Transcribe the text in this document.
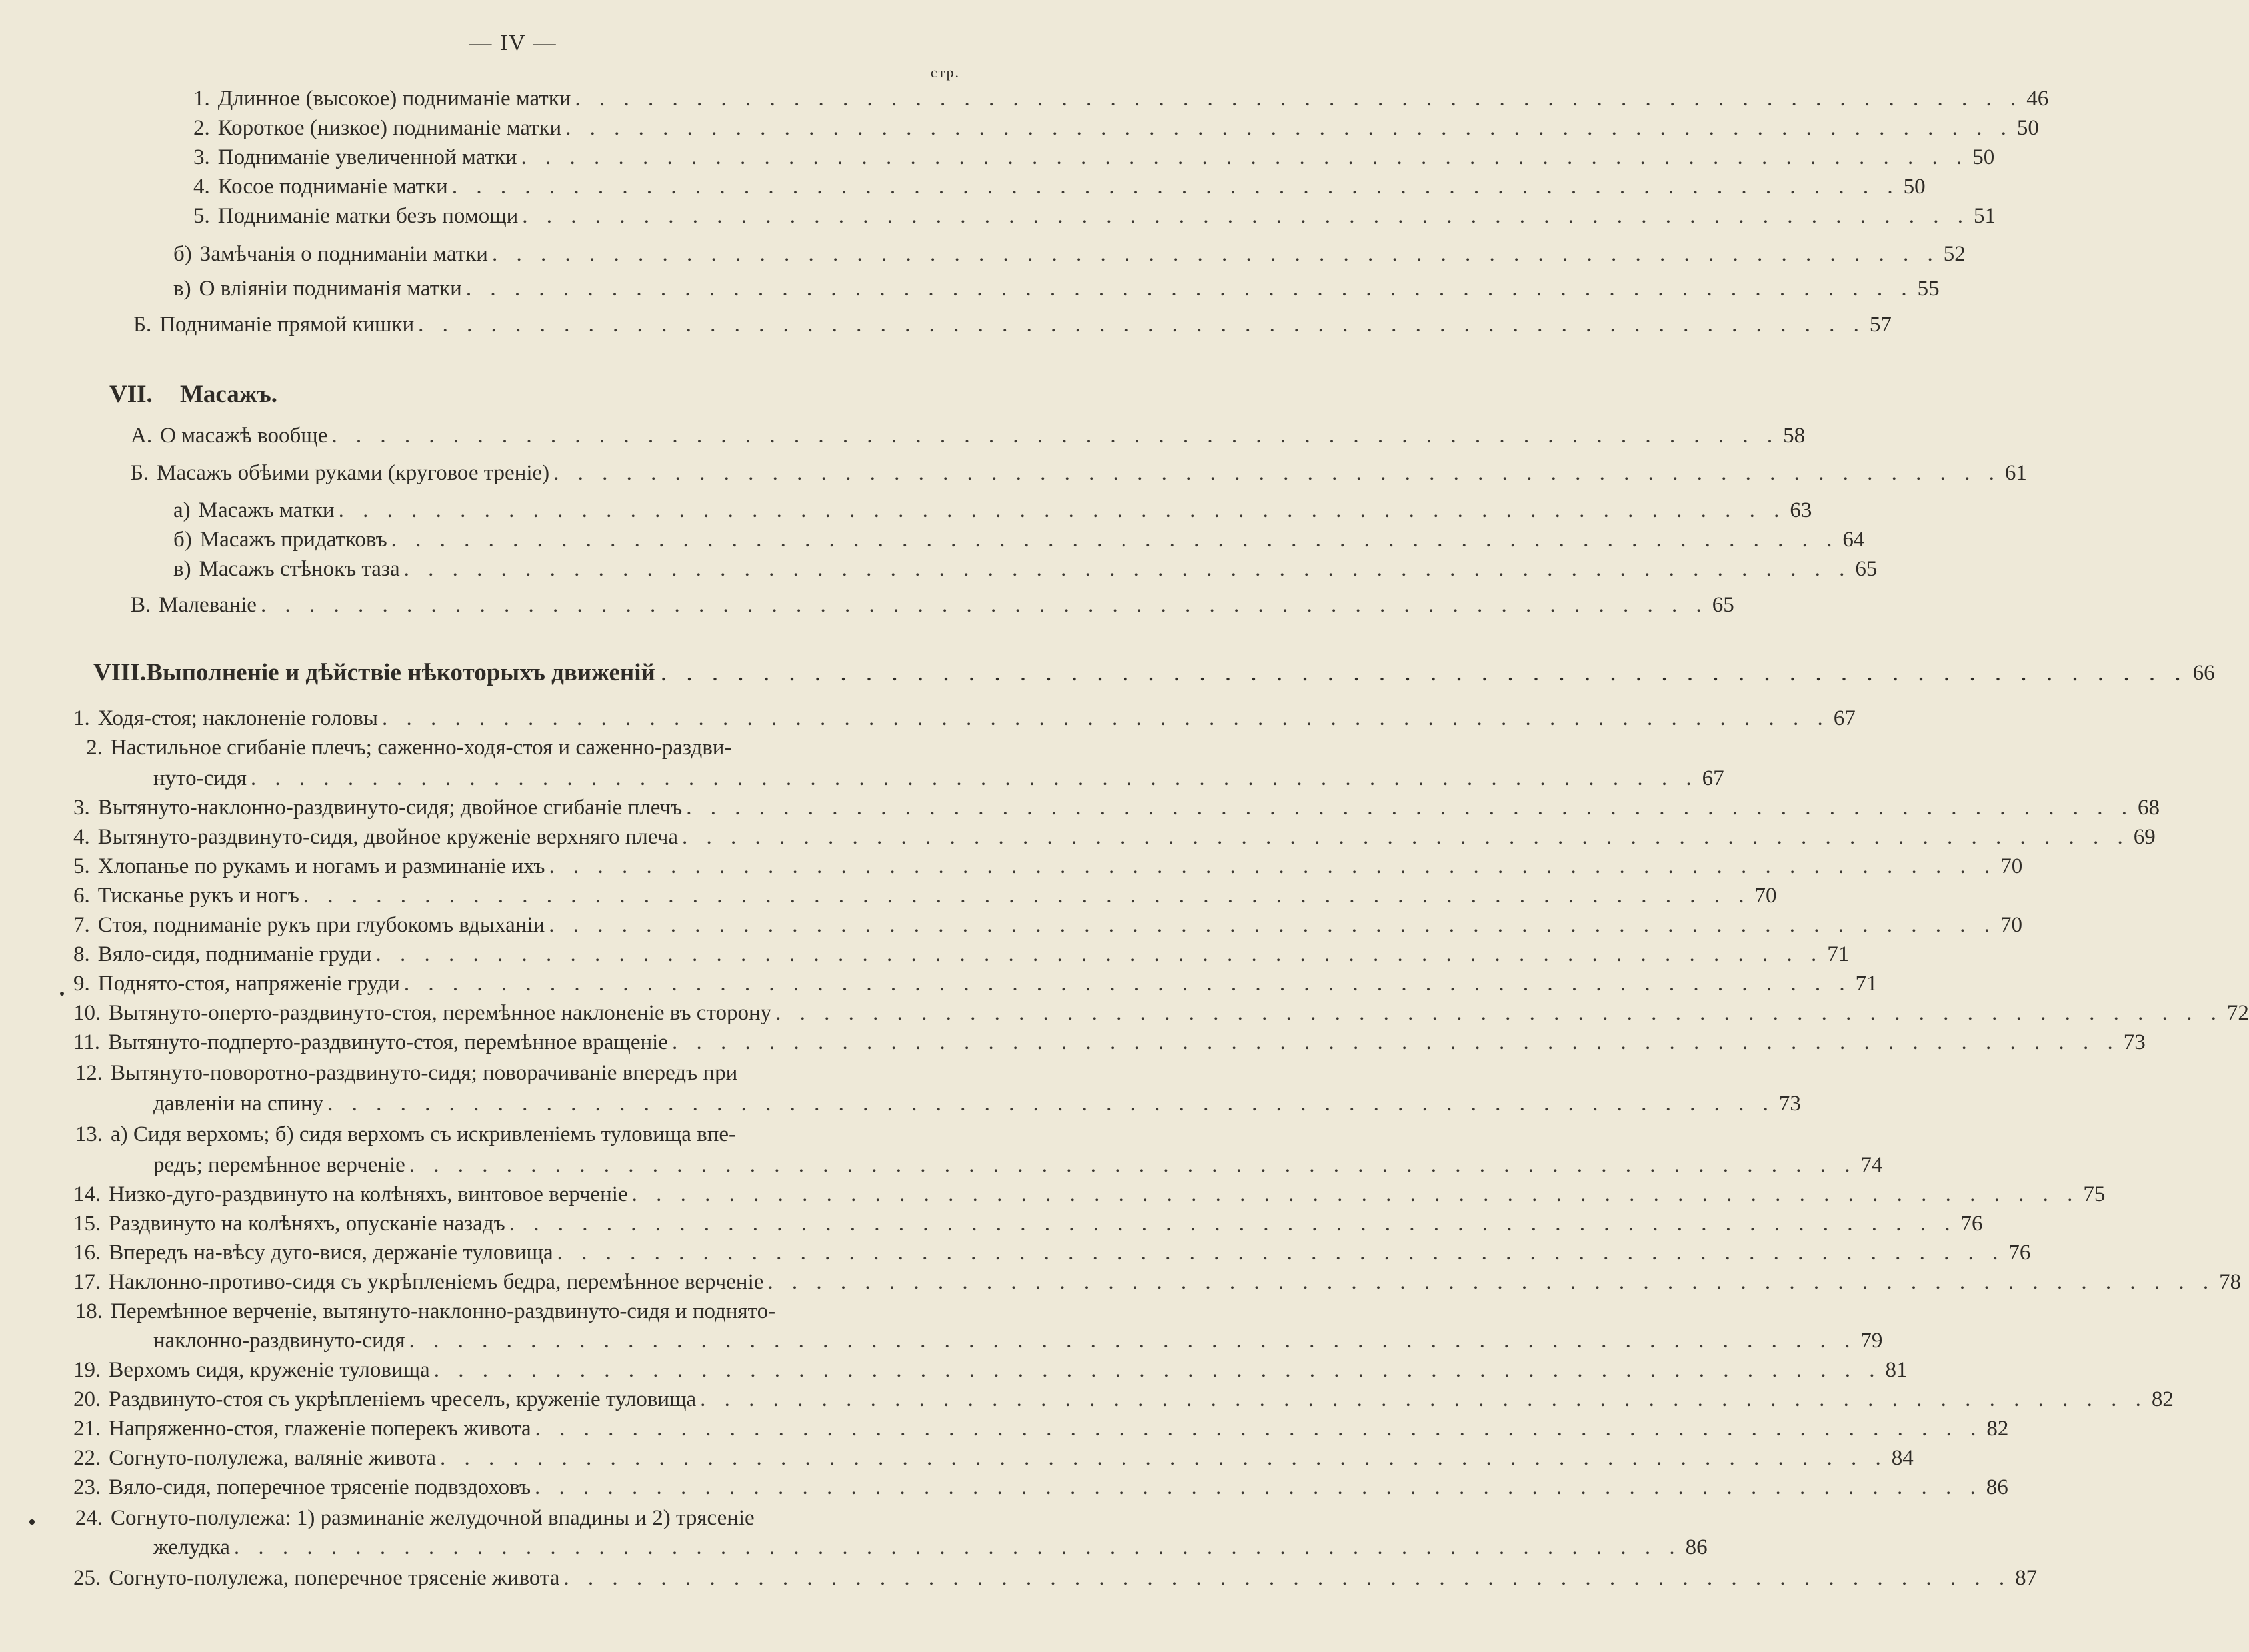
— IV —
стр.
1. Длинное (высокое) подниманіе матки . . . . . . . . . . . . . . . . . . . . . . . . . . . . . . . . . . . . . . . . . . . . . . . . . . . . . . . . . . . . 46
2. Короткое (низкое) подниманіе матки . . . . . . . . . . . . . . . . . . . . . . . . . . . . . . . . . . . . . . . . . . . . . . . . . . . . . . . . . . . . 50
3. Подниманіе увеличенной матки . . . . . . . . . . . . . . . . . . . . . . . . . . . . . . . . . . . . . . . . . . . . . . . . . . . . . . . . . . . . 50
4. Косое подниманіе матки . . . . . . . . . . . . . . . . . . . . . . . . . . . . . . . . . . . . . . . . . . . . . . . . . . . . . . . . . . . . 50
5. Подниманіе матки безъ помощи . . . . . . . . . . . . . . . . . . . . . . . . . . . . . . . . . . . . . . . . . . . . . . . . . . . . . . . . . . . . 51
б) Замѣчанія о подниманіи матки . . . . . . . . . . . . . . . . . . . . . . . . . . . . . . . . . . . . . . . . . . . . . . . . . . . . . . . . . . . . 52
в) О вліяніи подниманія матки . . . . . . . . . . . . . . . . . . . . . . . . . . . . . . . . . . . . . . . . . . . . . . . . . . . . . . . . . . . . 55
Б. Подниманіе прямой кишки . . . . . . . . . . . . . . . . . . . . . . . . . . . . . . . . . . . . . . . . . . . . . . . . . . . . . . . . . . . . 57
VII.	Масажъ.
А. О масажѣ вообще . . . . . . . . . . . . . . . . . . . . . . . . . . . . . . . . . . . . . . . . . . . . . . . . . . . . . . . . . . . . 58
Б. Масажъ обѣими руками (круговое треніе) . . . . . . . . . . . . . . . . . . . . . . . . . . . . . . . . . . . . . . . . . . . . . . . . . . . . . . . . . . . . 61
а) Масажъ матки . . . . . . . . . . . . . . . . . . . . . . . . . . . . . . . . . . . . . . . . . . . . . . . . . . . . . . . . . . . . 63
б) Масажъ придатковъ . . . . . . . . . . . . . . . . . . . . . . . . . . . . . . . . . . . . . . . . . . . . . . . . . . . . . . . . . . . . 64
в) Масажъ стѣнокъ таза . . . . . . . . . . . . . . . . . . . . . . . . . . . . . . . . . . . . . . . . . . . . . . . . . . . . . . . . . . . . 65
В. Малеваніе . . . . . . . . . . . . . . . . . . . . . . . . . . . . . . . . . . . . . . . . . . . . . . . . . . . . . . . . . . . . 65
VIII. Выполненіе и дѣйствіе нѣкоторыхъ движеній . . . . . . . . . . . . . . . . . . . . . . . . . . . . . . . . . . . . . . . . . . . . . . . . . . . . . . . . . . . . 66
1. Ходя-стоя; наклоненіе головы . . . . . . . . . . . . . . . . . . . . . . . . . . . . . . . . . . . . . . . . . . . . . . . . . . . . . . . . . . . . 67
2. Настильное сгибаніе плечъ; саженно-ходя-стоя и саженно-раздви-
нуто-сидя . . . . . . . . . . . . . . . . . . . . . . . . . . . . . . . . . . . . . . . . . . . . . . . . . . . . . . . . . . . . 67
3. Вытянуто-наклонно-раздвинуто-сидя; двойное сгибаніе плечъ . . . . . . . . . . . . . . . . . . . . . . . . . . . . . . . . . . . . . . . . . . . . . . . . . . . . . . . . . . . . 68
4. Вытянуто-раздвинуто-сидя, двойное круженіе верхняго плеча . . . . . . . . . . . . . . . . . . . . . . . . . . . . . . . . . . . . . . . . . . . . . . . . . . . . . . . . . . . . 69
5. Хлопанье по рукамъ и ногамъ и разминаніе ихъ . . . . . . . . . . . . . . . . . . . . . . . . . . . . . . . . . . . . . . . . . . . . . . . . . . . . . . . . . . . . 70
6. Тисканье рукъ и ногъ . . . . . . . . . . . . . . . . . . . . . . . . . . . . . . . . . . . . . . . . . . . . . . . . . . . . . . . . . . . . 70
7. Стоя, подниманіе рукъ при глубокомъ вдыханіи . . . . . . . . . . . . . . . . . . . . . . . . . . . . . . . . . . . . . . . . . . . . . . . . . . . . . . . . . . . . 70
8. Вяло-сидя, подниманіе груди . . . . . . . . . . . . . . . . . . . . . . . . . . . . . . . . . . . . . . . . . . . . . . . . . . . . . . . . . . . . 71
9. Поднято-стоя, напряженіе груди . . . . . . . . . . . . . . . . . . . . . . . . . . . . . . . . . . . . . . . . . . . . . . . . . . . . . . . . . . . . 71
10. Вытянуто-оперто-раздвинуто-стоя, перемѣнное наклоненіе въ сторону . . . . . . . . . . . . . . . . . . . . . . . . . . . . . . . . . . . . . . . . . . . . . . . . . . . . . . . . . . . . 72
11. Вытянуто-подперто-раздвинуто-стоя, перемѣнное вращеніе . . . . . . . . . . . . . . . . . . . . . . . . . . . . . . . . . . . . . . . . . . . . . . . . . . . . . . . . . . . . 73
12. Вытянуто-поворотно-раздвинуто-сидя; поворачиваніе впередъ при
давленіи на спину . . . . . . . . . . . . . . . . . . . . . . . . . . . . . . . . . . . . . . . . . . . . . . . . . . . . . . . . . . . . 73
13. а) Сидя верхомъ; б) сидя верхомъ съ искривленіемъ туловища впе-
редъ; перемѣнное верченіе . . . . . . . . . . . . . . . . . . . . . . . . . . . . . . . . . . . . . . . . . . . . . . . . . . . . . . . . . . . . 74
14. Низко-дуго-раздвинуто на колѣняхъ, винтовое верченіе . . . . . . . . . . . . . . . . . . . . . . . . . . . . . . . . . . . . . . . . . . . . . . . . . . . . . . . . . . . . 75
15. Раздвинуто на колѣняхъ, опусканіе назадъ . . . . . . . . . . . . . . . . . . . . . . . . . . . . . . . . . . . . . . . . . . . . . . . . . . . . . . . . . . . . 76
16. Впередъ на-вѣсу дуго-вися, держаніе туловища . . . . . . . . . . . . . . . . . . . . . . . . . . . . . . . . . . . . . . . . . . . . . . . . . . . . . . . . . . . . 76
17. Наклонно-противо-сидя съ укрѣпленіемъ бедра, перемѣнное верченіе . . . . . . . . . . . . . . . . . . . . . . . . . . . . . . . . . . . . . . . . . . . . . . . . . . . . . . . . . . . . 78
18. Перемѣнное верченіе, вытянуто-наклонно-раздвинуто-сидя и поднято-
наклонно-раздвинуто-сидя . . . . . . . . . . . . . . . . . . . . . . . . . . . . . . . . . . . . . . . . . . . . . . . . . . . . . . . . . . . . 79
19. Верхомъ сидя, круженіе туловища . . . . . . . . . . . . . . . . . . . . . . . . . . . . . . . . . . . . . . . . . . . . . . . . . . . . . . . . . . . . 81
20. Раздвинуто-стоя съ укрѣпленіемъ чреселъ, круженіе туловища . . . . . . . . . . . . . . . . . . . . . . . . . . . . . . . . . . . . . . . . . . . . . . . . . . . . . . . . . . . . 82
21. Напряженно-стоя, глаженіе поперекъ живота . . . . . . . . . . . . . . . . . . . . . . . . . . . . . . . . . . . . . . . . . . . . . . . . . . . . . . . . . . . . 82
22. Согнуто-полулежа, валяніе живота . . . . . . . . . . . . . . . . . . . . . . . . . . . . . . . . . . . . . . . . . . . . . . . . . . . . . . . . . . . . 84
23. Вяло-сидя, поперечное трясеніе подвздоховъ . . . . . . . . . . . . . . . . . . . . . . . . . . . . . . . . . . . . . . . . . . . . . . . . . . . . . . . . . . . . 86
24. Согнуто-полулежа: 1) разминаніе желудочной впадины и 2) трясеніе
желудка . . . . . . . . . . . . . . . . . . . . . . . . . . . . . . . . . . . . . . . . . . . . . . . . . . . . . . . . . . . . 86
25. Согнуто-полулежа, поперечное трясеніе живота . . . . . . . . . . . . . . . . . . . . . . . . . . . . . . . . . . . . . . . . . . . . . . . . . . . . . . . . . . . . 87
